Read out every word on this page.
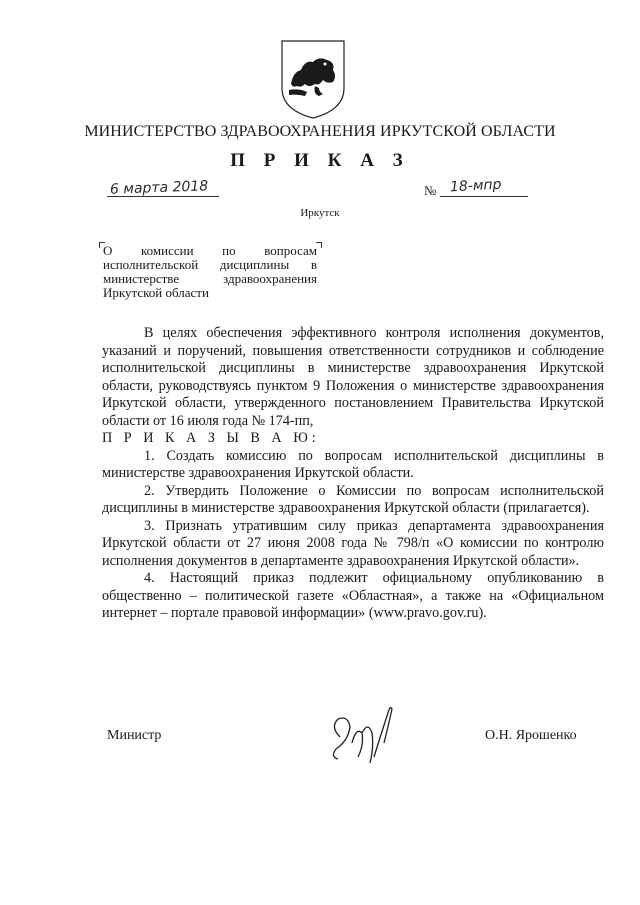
МИНИСТЕРСТВО ЗДРАВООХРАНЕНИЯ ИРКУТСКОЙ ОБЛАСТИ
П Р И К А З
6 марта 2018	№ 18-мпр
Иркутск
О комиссии по вопросам
исполнительской дисциплины в
министерстве здравоохранения
Иркутской области

В целях обеспечения эффективного контроля исполнения документов, указаний и поручений, повышения ответственности сотрудников и соблюдение исполнительской дисциплины в министерстве здравоохранения Иркутской области, руководствуясь пунктом 9 Положения о министерстве здравоохранения Иркутской области, утвержденного постановлением Правительства Иркутской области от 16 июля года № 174-пп,

П Р И К А З Ы В А Ю:

1. Создать комиссию по вопросам исполнительской дисциплины в министерстве здравоохранения Иркутской области.

2. Утвердить Положение о Комиссии по вопросам исполнительской дисциплины в министерстве здравоохранения Иркутской области (прилагается).

3. Признать утратившим силу приказ департамента здравоохранения Иркутской области от 27 июня 2008 года № 798/п «О комиссии по контролю исполнения документов в департаменте здравоохранения Иркутской области».

4. Настоящий приказ подлежит официальному опубликованию в общественно – политической газете «Областная», а также на «Официальном интернет – портале правовой информации» (www.pravo.gov.ru).

Министр	О.Н. Ярошенко
